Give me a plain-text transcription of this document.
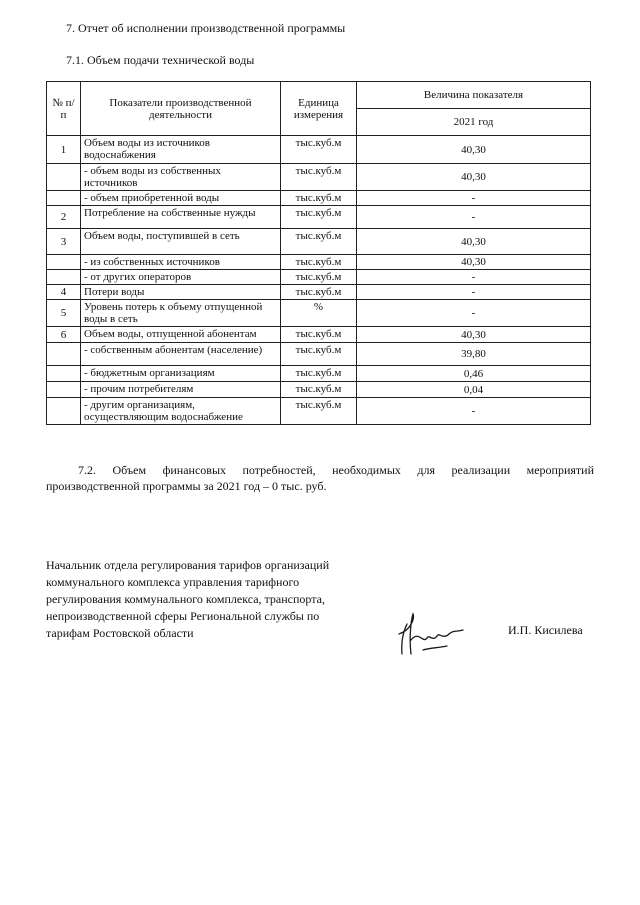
7. Отчет об исполнении производственной программы
7.1. Объем подачи технической воды
№ п/п	Показатели производственной деятельности	Единица измерения	Величина показателя
			2021 год
1	Объем воды из источников водоснабжения	тыс.куб.м	40,30
	- объем воды из собственных источников	тыс.куб.м	40,30
	- объем приобретенной воды	тыс.куб.м	-
2	Потребление на собственные нужды	тыс.куб.м	-
3	Объем воды, поступившей в сеть	тыс.куб.м	40,30
	- из собственных источников	тыс.куб.м	40,30
	- от других операторов	тыс.куб.м	-
4	Потери воды	тыс.куб.м	-
5	Уровень потерь к объему отпущенной воды в сеть	%	-
6	Объем воды, отпущенной абонентам	тыс.куб.м	40,30
	- собственным абонентам (население)	тыс.куб.м	39,80
	- бюджетным организациям	тыс.куб.м	0,46
	- прочим потребителям	тыс.куб.м	0,04
	- другим организациям, осуществляющим водоснабжение	тыс.куб.м	-

7.2. Объем финансовых потребностей, необходимых для реализации мероприятий производственной программы за 2021 год – 0 тыс. руб.

Начальник отдела регулирования тарифов организаций коммунального комплекса управления тарифного регулирования коммунального комплекса, транспорта, непроизводственной сферы Региональной службы по тарифам Ростовской области	И.П. Кисилева
